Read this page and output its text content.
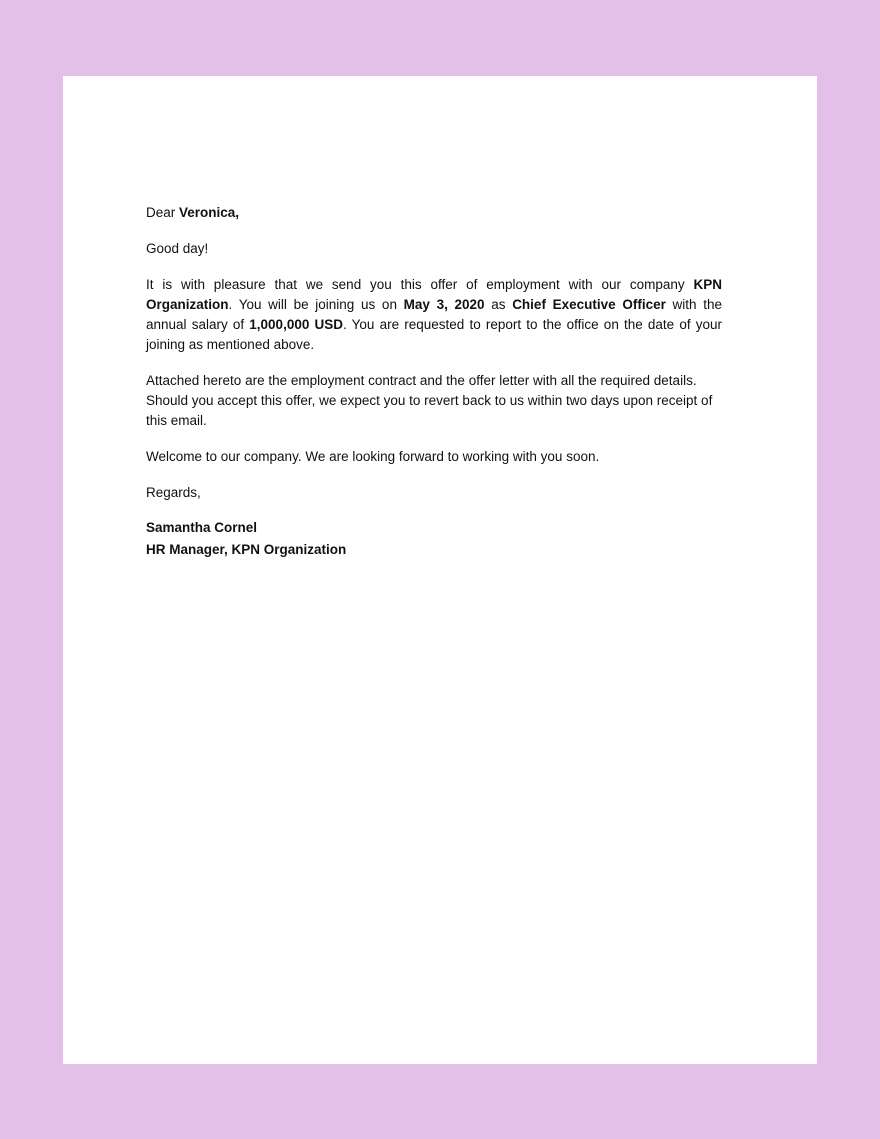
Dear Veronica,

Good day!

It is with pleasure that we send you this offer of employment with our company KPN Organization. You will be joining us on May 3, 2020 as Chief Executive Officer with the annual salary of 1,000,000 USD. You are requested to report to the office on the date of your joining as mentioned above.

Attached hereto are the employment contract and the offer letter with all the required details. Should you accept this offer, we expect you to revert back to us within two days upon receipt of this email.

Welcome to our company. We are looking forward to working with you soon.

Regards,

Samantha Cornel
HR Manager, KPN Organization
